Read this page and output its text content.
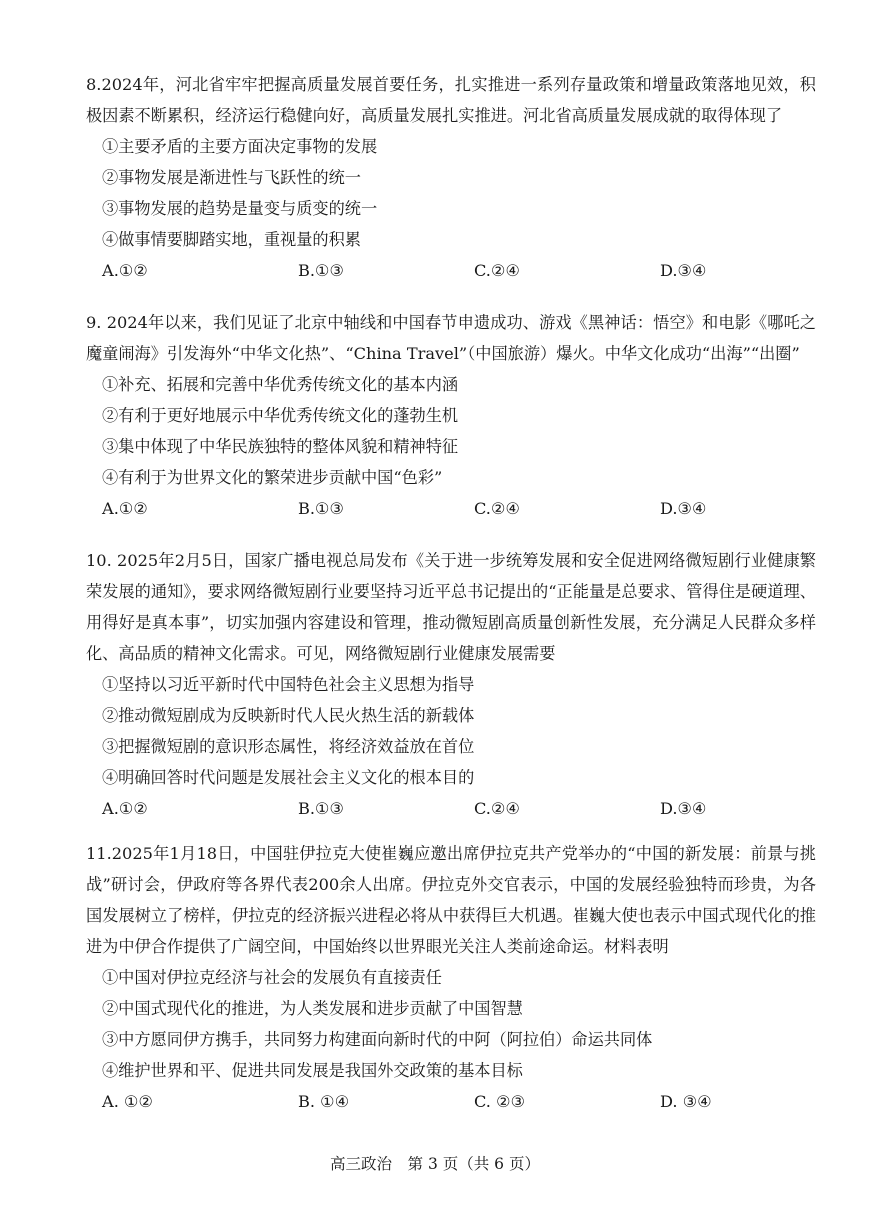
8.2024年，河北省牢牢把握高质量发展首要任务，扎实推进一系列存量政策和增量政策落地见效，积极因素不断累积，经济运行稳健向好，高质量发展扎实推进。河北省高质量发展成就的取得体现了

①主要矛盾的主要方面决定事物的发展

②事物发展是渐进性与飞跃性的统一

③事物发展的趋势是量变与质变的统一

④做事情要脚踏实地，重视量的积累

A.①②	B.①③	C.②④	D.③④

9. 2024年以来，我们见证了北京中轴线和中国春节申遗成功、游戏《黑神话：悟空》和电影《哪吒之魔童闹海》引发海外“中华文化热”、“China Travel”（中国旅游）爆火。中华文化成功“出海”“出圈”

①补充、拓展和完善中华优秀传统文化的基本内涵

②有利于更好地展示中华优秀传统文化的蓬勃生机

③集中体现了中华民族独特的整体风貌和精神特征

④有利于为世界文化的繁荣进步贡献中国“色彩”

A.①②	B.①③	C.②④	D.③④

10. 2025年2月5日，国家广播电视总局发布《关于进一步统筹发展和安全促进网络微短剧行业健康繁荣发展的通知》，要求网络微短剧行业要坚持习近平总书记提出的“正能量是总要求、管得住是硬道理、用得好是真本事”，切实加强内容建设和管理，推动微短剧高质量创新性发展，充分满足人民群众多样化、高品质的精神文化需求。可见，网络微短剧行业健康发展需要

①坚持以习近平新时代中国特色社会主义思想为指导

②推动微短剧成为反映新时代人民火热生活的新载体

③把握微短剧的意识形态属性，将经济效益放在首位

④明确回答时代问题是发展社会主义文化的根本目的

A.①②	B.①③	C.②④	D.③④

11.2025年1月18日，中国驻伊拉克大使崔巍应邀出席伊拉克共产党举办的“中国的新发展：前景与挑战”研讨会，伊政府等各界代表200余人出席。伊拉克外交官表示，中国的发展经验独特而珍贵，为各国发展树立了榜样，伊拉克的经济振兴进程必将从中获得巨大机遇。崔巍大使也表示中国式现代化的推进为中伊合作提供了广阔空间，中国始终以世界眼光关注人类前途命运。材料表明

①中国对伊拉克经济与社会的发展负有直接责任

②中国式现代化的推进，为人类发展和进步贡献了中国智慧

③中方愿同伊方携手，共同努力构建面向新时代的中阿（阿拉伯）命运共同体

④维护世界和平、促进共同发展是我国外交政策的基本目标

A. ①②	B. ①④	C. ②③	D. ③④
高三政治　第 3 页（共 6 页）
